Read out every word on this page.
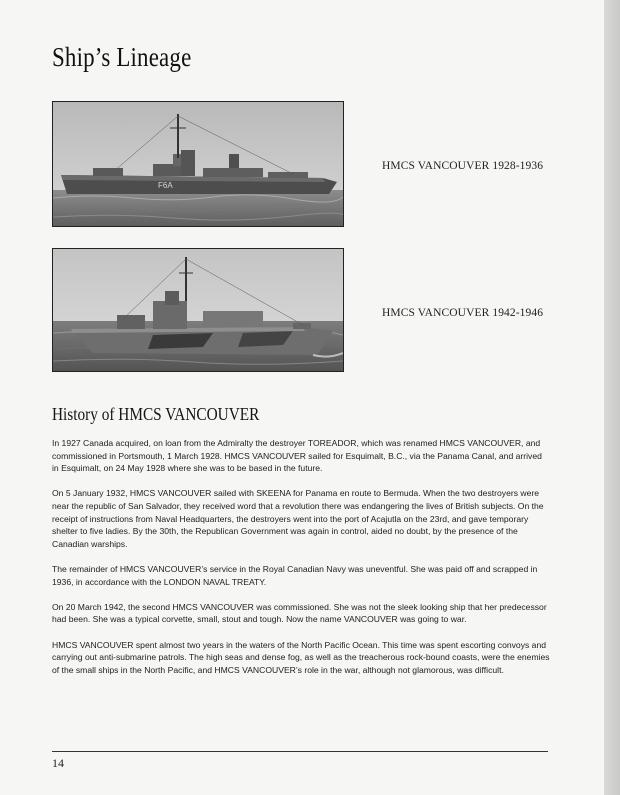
Ship’s Lineage
F6A
HMCS VANCOUVER 1928-1936
HMCS VANCOUVER 1942-1946
History of HMCS VANCOUVER

In 1927 Canada acquired, on loan from the Admiralty the destroyer TOREADOR, which was renamed HMCS VANCOUVER, and commissioned in Portsmouth, 1 March 1928. HMCS VANCOUVER sailed for Esquimalt, B.C., via the Panama Canal, and arrived in Esquimalt, on 24 May 1928 where she was to be based in the future.

On 5 January 1932, HMCS VANCOUVER sailed with SKEENA for Panama en route to Bermuda. When the two destroyers were near the republic of San Salvador, they received word that a revolution there was endangering the lives of British subjects. On the receipt of instructions from Naval Headquarters, the destroyers went into the port of Acajutla on the 23rd, and gave temporary shelter to five ladies. By the 30th, the Republican Government was again in control, aided no doubt, by the presence of the Canadian warships.

The remainder of HMCS VANCOUVER’s service in the Royal Canadian Navy was uneventful. She was paid off and scrapped in 1936, in accordance with the LONDON NAVAL TREATY.

On 20 March 1942, the second HMCS VANCOUVER was commissioned. She was not the sleek looking ship that her predecessor had been. She was a typical corvette, small, stout and tough. Now the name VANCOUVER was going to war.

HMCS VANCOUVER spent almost two years in the waters of the North Pacific Ocean. This time was spent escorting convoys and carrying out anti-submarine patrols. The high seas and dense fog, as well as the treacherous rock-bound coasts, were the enemies of the small ships in the North Pacific, and HMCS VANCOUVER’s role in the war, although not glamorous, was difficult.

14
